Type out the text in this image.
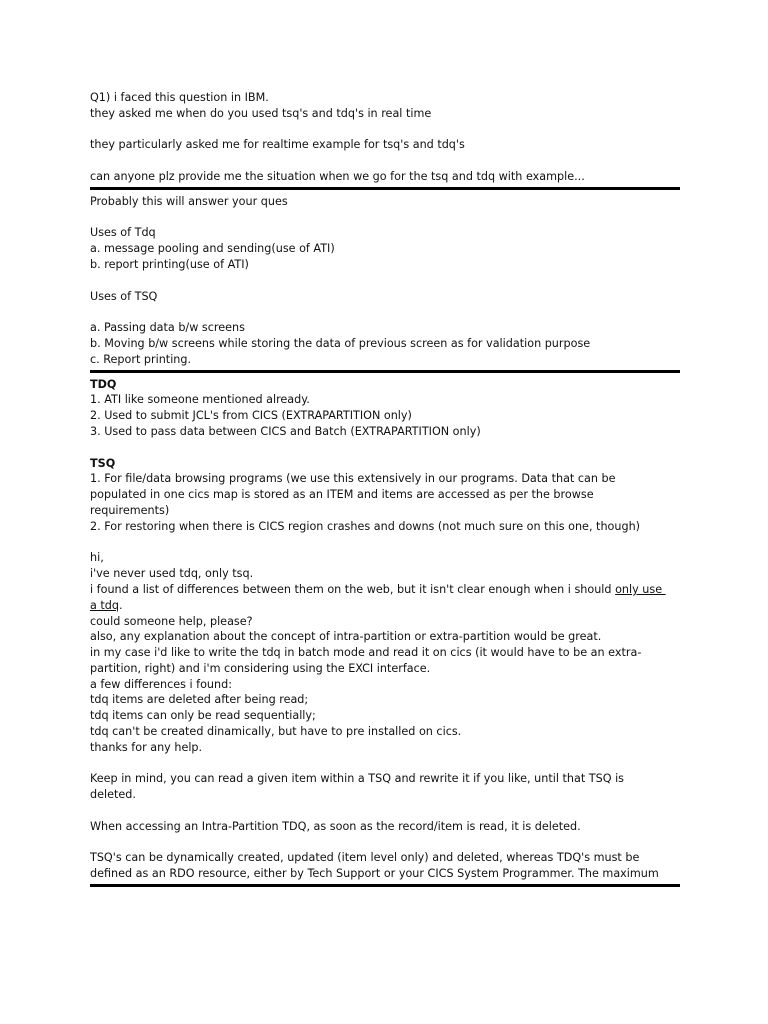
Q1) i faced this question in IBM.

they asked me when do you used tsq's and tdq's in real time

they particularly asked me for realtime example for tsq's and tdq's

can anyone plz provide me the situation when we go for the tsq and tdq with example...

Probably this will answer your ques

Uses of Tdq

a. message pooling and sending(use of ATI)

b. report printing(use of ATI)

Uses of TSQ

a. Passing data b/w screens

b. Moving b/w screens while storing the data of previous screen as for validation purpose

c. Report printing.

TDQ

1. ATI like someone mentioned already.

2. Used to submit JCL's from CICS (EXTRAPARTITION only)

3. Used to pass data between CICS and Batch (EXTRAPARTITION only)

TSQ

1. For file/data browsing programs (we use this extensively in our programs. Data that can be

populated in one cics map is stored as an ITEM and items are accessed as per the browse

requirements)

2. For restoring when there is CICS region crashes and downs (not much sure on this one, though)

hi,

i've never used tdq, only tsq.

i found a list of differences between them on the web, but it isn't clear enough when i should only use

a tdq.

could someone help, please?

also, any explanation about the concept of intra-partition or extra-partition would be great.

in my case i'd like to write the tdq in batch mode and read it on cics (it would have to be an extra-

partition, right) and i'm considering using the EXCI interface.

a few differences i found:

tdq items are deleted after being read;

tdq items can only be read sequentially;

tdq can't be created dinamically, but have to pre installed on cics.

thanks for any help.

Keep in mind, you can read a given item within a TSQ and rewrite it if you like, until that TSQ is

deleted.

When accessing an Intra-Partition TDQ, as soon as the record/item is read, it is deleted.

TSQ's can be dynamically created, updated (item level only) and deleted, whereas TDQ's must be

defined as an RDO resource, either by Tech Support or your CICS System Programmer. The maximum
